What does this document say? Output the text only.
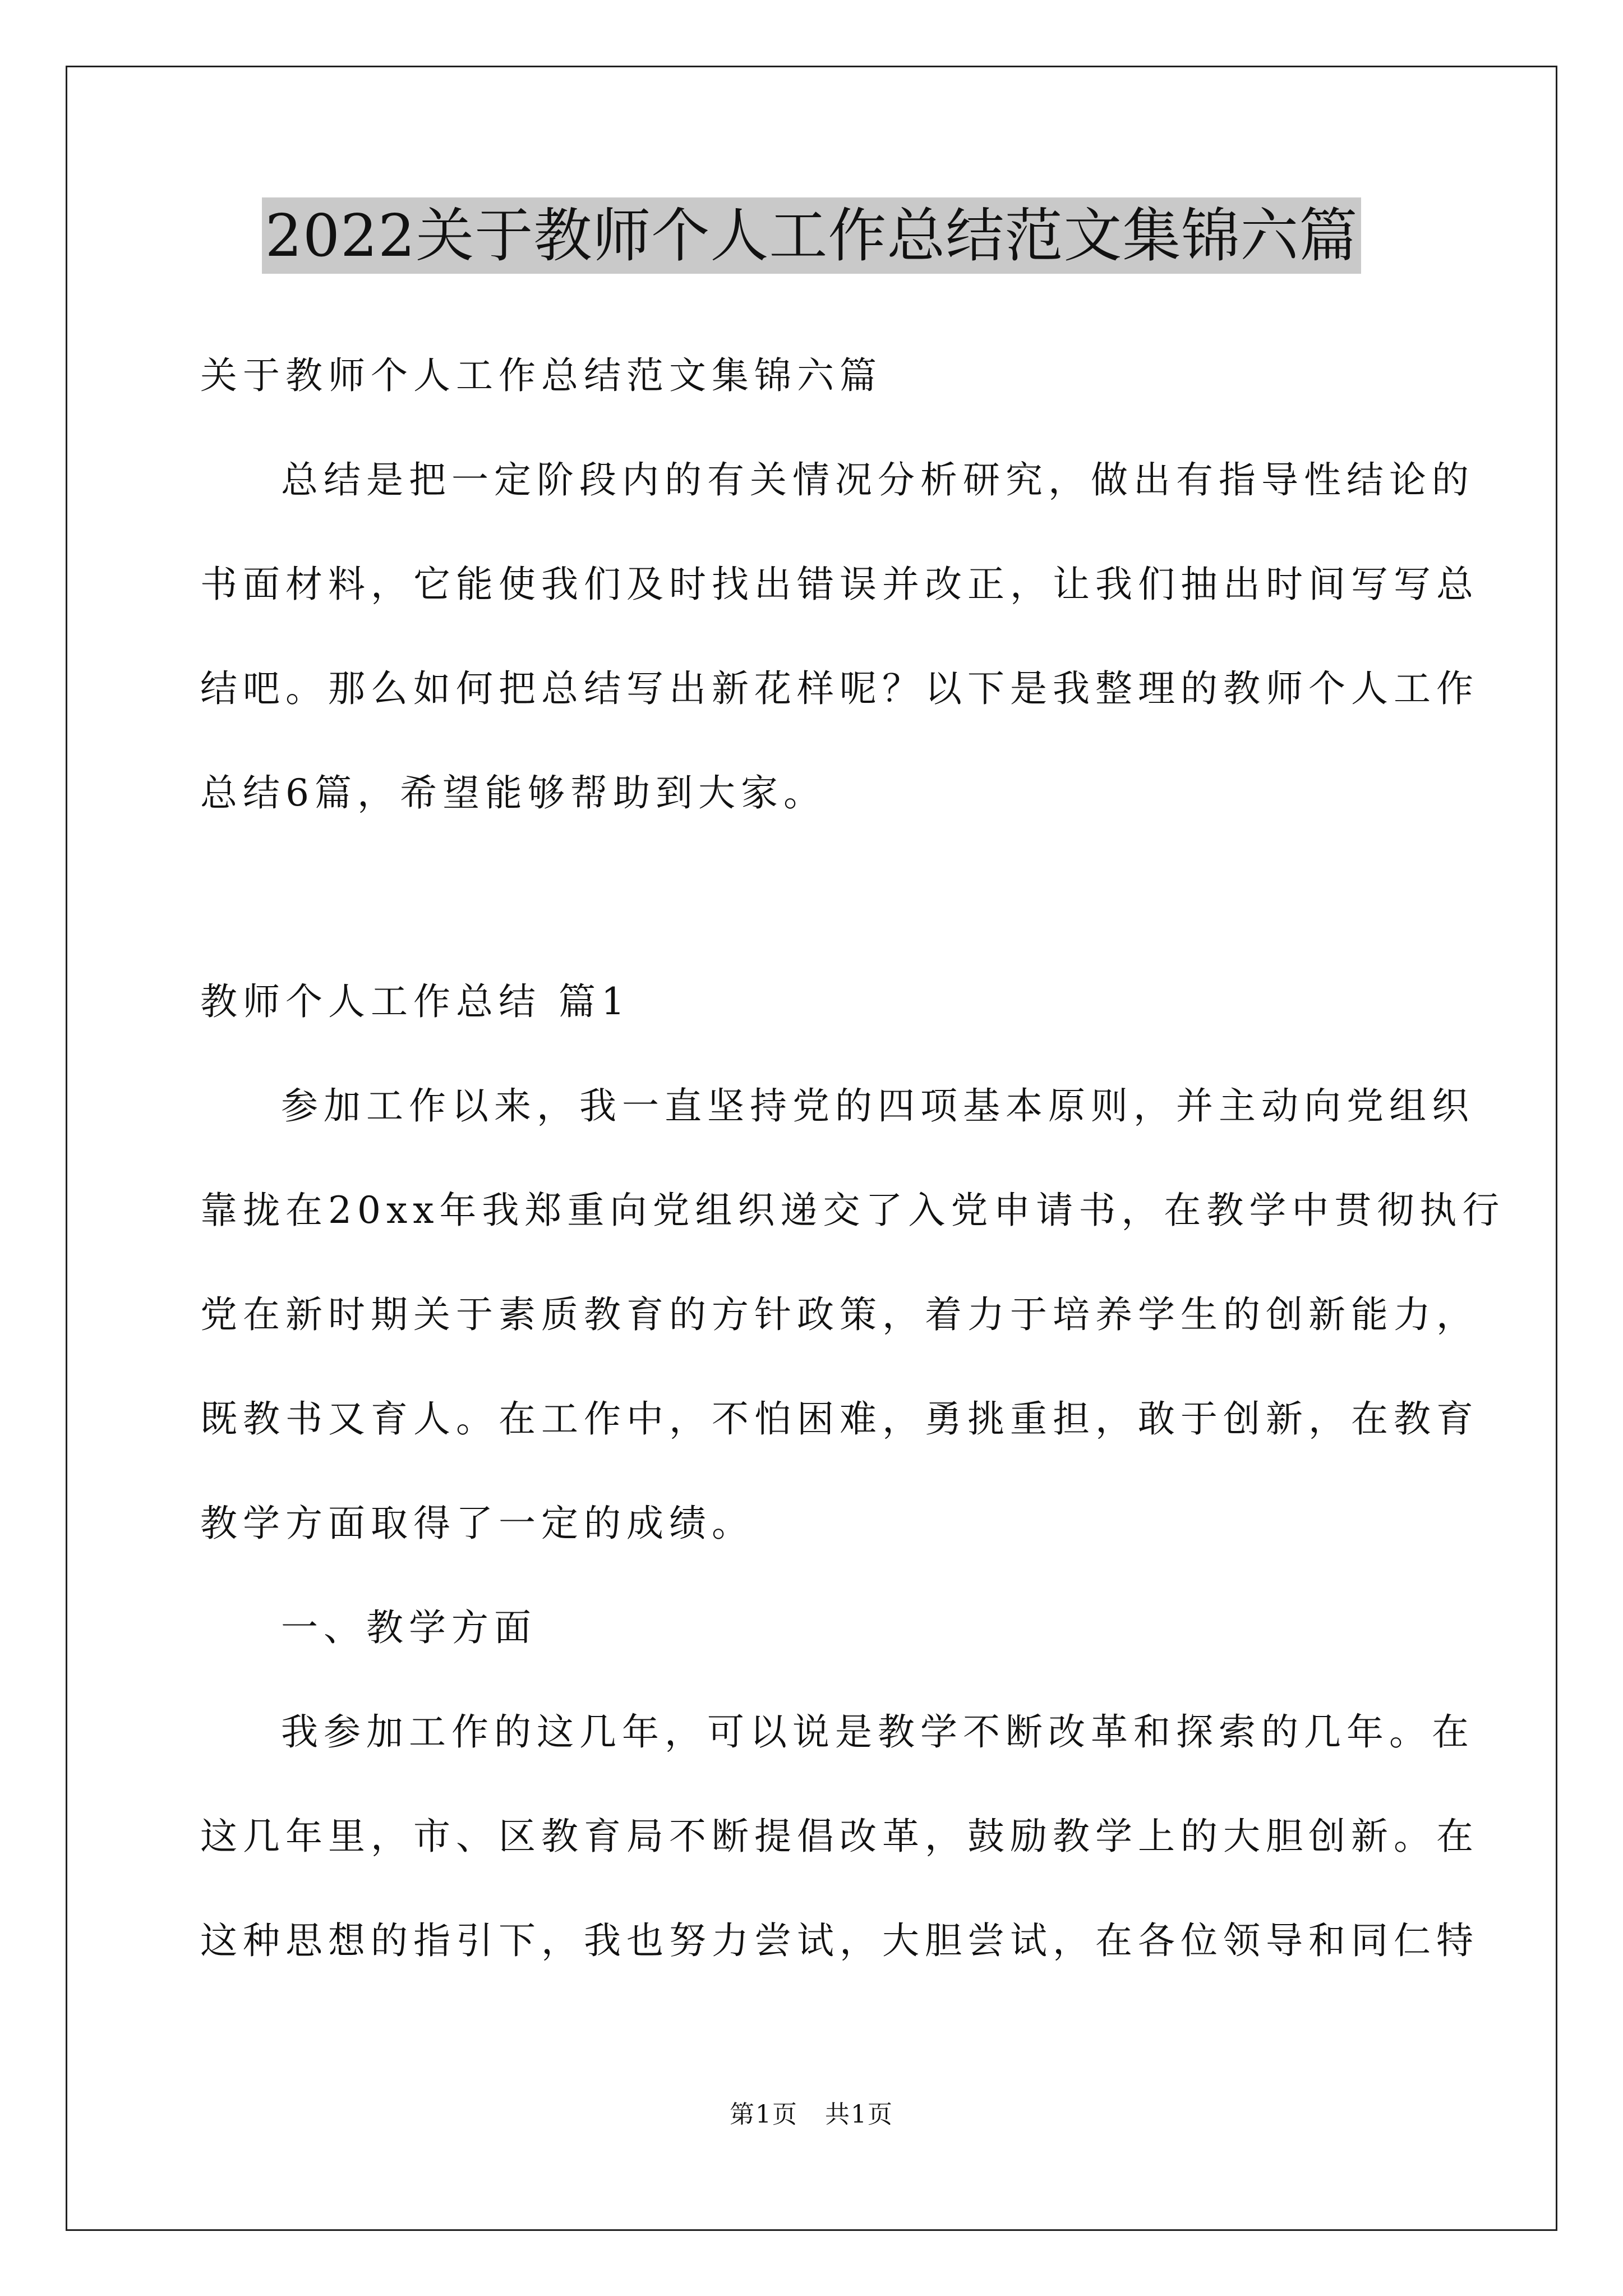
2022关于教师个人工作总结范文集锦六篇
关于教师个人工作总结范文集锦六篇
总结是把一定阶段内的有关情况分析研究，做出有指导性结论的
书面材料，它能使我们及时找出错误并改正，让我们抽出时间写写总
结吧。那么如何把总结写出新花样呢？以下是我整理的教师个人工作
总结6篇，希望能够帮助到大家。
教师个人工作总结 篇1
参加工作以来，我一直坚持党的四项基本原则，并主动向党组织
靠拢在20xx年我郑重向党组织递交了入党申请书，在教学中贯彻执行
党在新时期关于素质教育的方针政策，着力于培养学生的创新能力，
既教书又育人。在工作中，不怕困难，勇挑重担，敢于创新，在教育
教学方面取得了一定的成绩。
一、教学方面
我参加工作的这几年，可以说是教学不断改革和探索的几年。在
这几年里，市、区教育局不断提倡改革，鼓励教学上的大胆创新。在
这种思想的指引下，我也努力尝试，大胆尝试，在各位领导和同仁特
第1页   共1页
